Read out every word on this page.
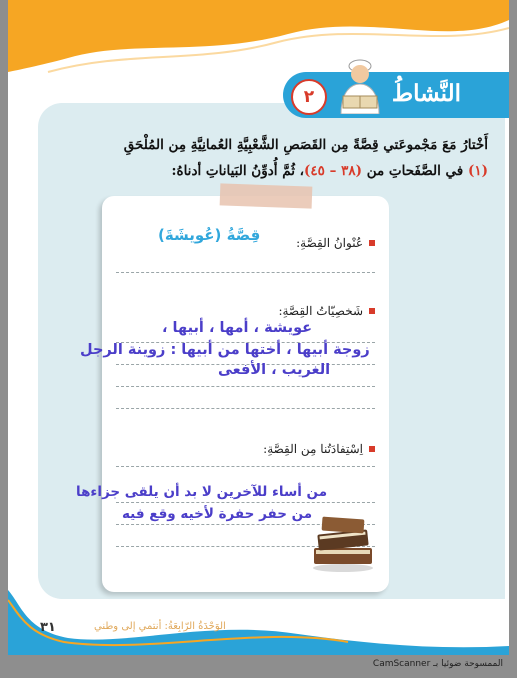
٢	النَّشاطُ
أَخْتارُ مَعَ مَجْموعَتي قِصَّةً مِن القَصَصِ الشَّعْبِيَّةِ العُمانِيَّةِ مِن المُلْحَقِ
(١) في الصَّفَحاتِ من (٣٨ – ٤٥)، ثُمَّ أُدوِّنُ البَياناتِ أدناهُ:
عُنْوانُ القِصَّةِ:
قِصَّةُ (عُويشَةَ)
شَخصِيّاتُ القِصَّةِ:
عويشة ، أمها ، أبيها ،
زوجة أبيها ، أختها من أبيها : زوينة الرجل
الغريب ، الأفعى
اِسْتِفادَتُنا مِن القِصَّةِ:
من أساء للآخرين لا بد أن يلقى جزاءها
من حفر حفرة لأخيه وقع فيه
٣١	الوَحْدَةُ الرّابِعَةُ: أنتمي إلى وطني
الممسوحة ضوئيا بـ CamScanner
